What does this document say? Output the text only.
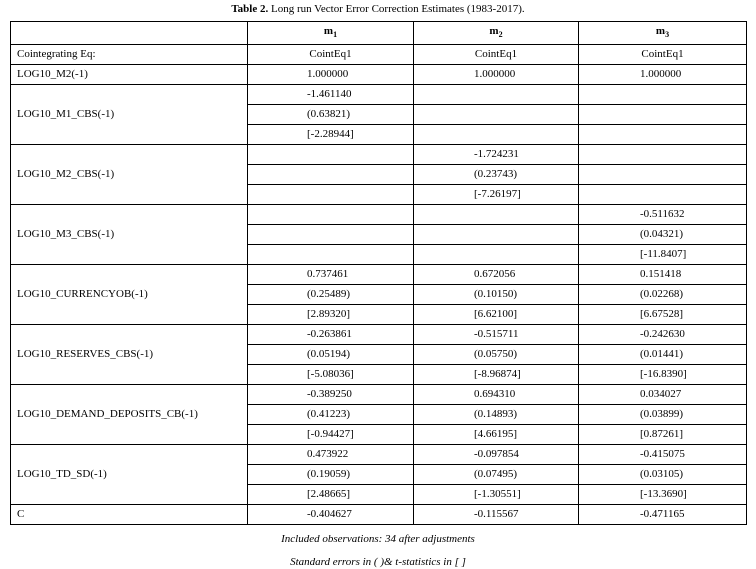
Table 2. Long run Vector Error Correction Estimates (1983-2017).
	$m_1$	$m_2$	$m_3$
Cointegrating Eq:	CointEq1	CointEq1	CointEq1
LOG10_M2(-1)	1.000000	1.000000	1.000000
LOG10_M1_CBS(-1)	-1.461140		
	(0.63821)		
	[-2.28944]		
LOG10_M2_CBS(-1)		-1.724231	
		(0.23743)	
		[-7.26197]	
LOG10_M3_CBS(-1)			-0.511632
			(0.04321)
			[-11.8407]
LOG10_CURRENCYOB(-1)	0.737461	0.672056	0.151418
	(0.25489)	(0.10150)	(0.02268)
	[2.89320]	[6.62100]	[6.67528]
LOG10_RESERVES_CBS(-1)	-0.263861	-0.515711	-0.242630
	(0.05194)	(0.05750)	(0.01441)
	[-5.08036]	[-8.96874]	[-16.8390]
LOG10_DEMAND_DEPOSITS_CB(-1)	-0.389250	0.694310	0.034027
	(0.41223)	(0.14893)	(0.03899)
	[-0.94427]	[4.66195]	[0.87261]
LOG10_TD_SD(-1)	0.473922	-0.097854	-0.415075
	(0.19059)	(0.07495)	(0.03105)
	[2.48665]	[-1.30551]	[-13.3690]
C	-0.404627	-0.115567	-0.471165
Included observations: 34 after adjustments
Standard errors in ( )& t-statistics in [ ]
